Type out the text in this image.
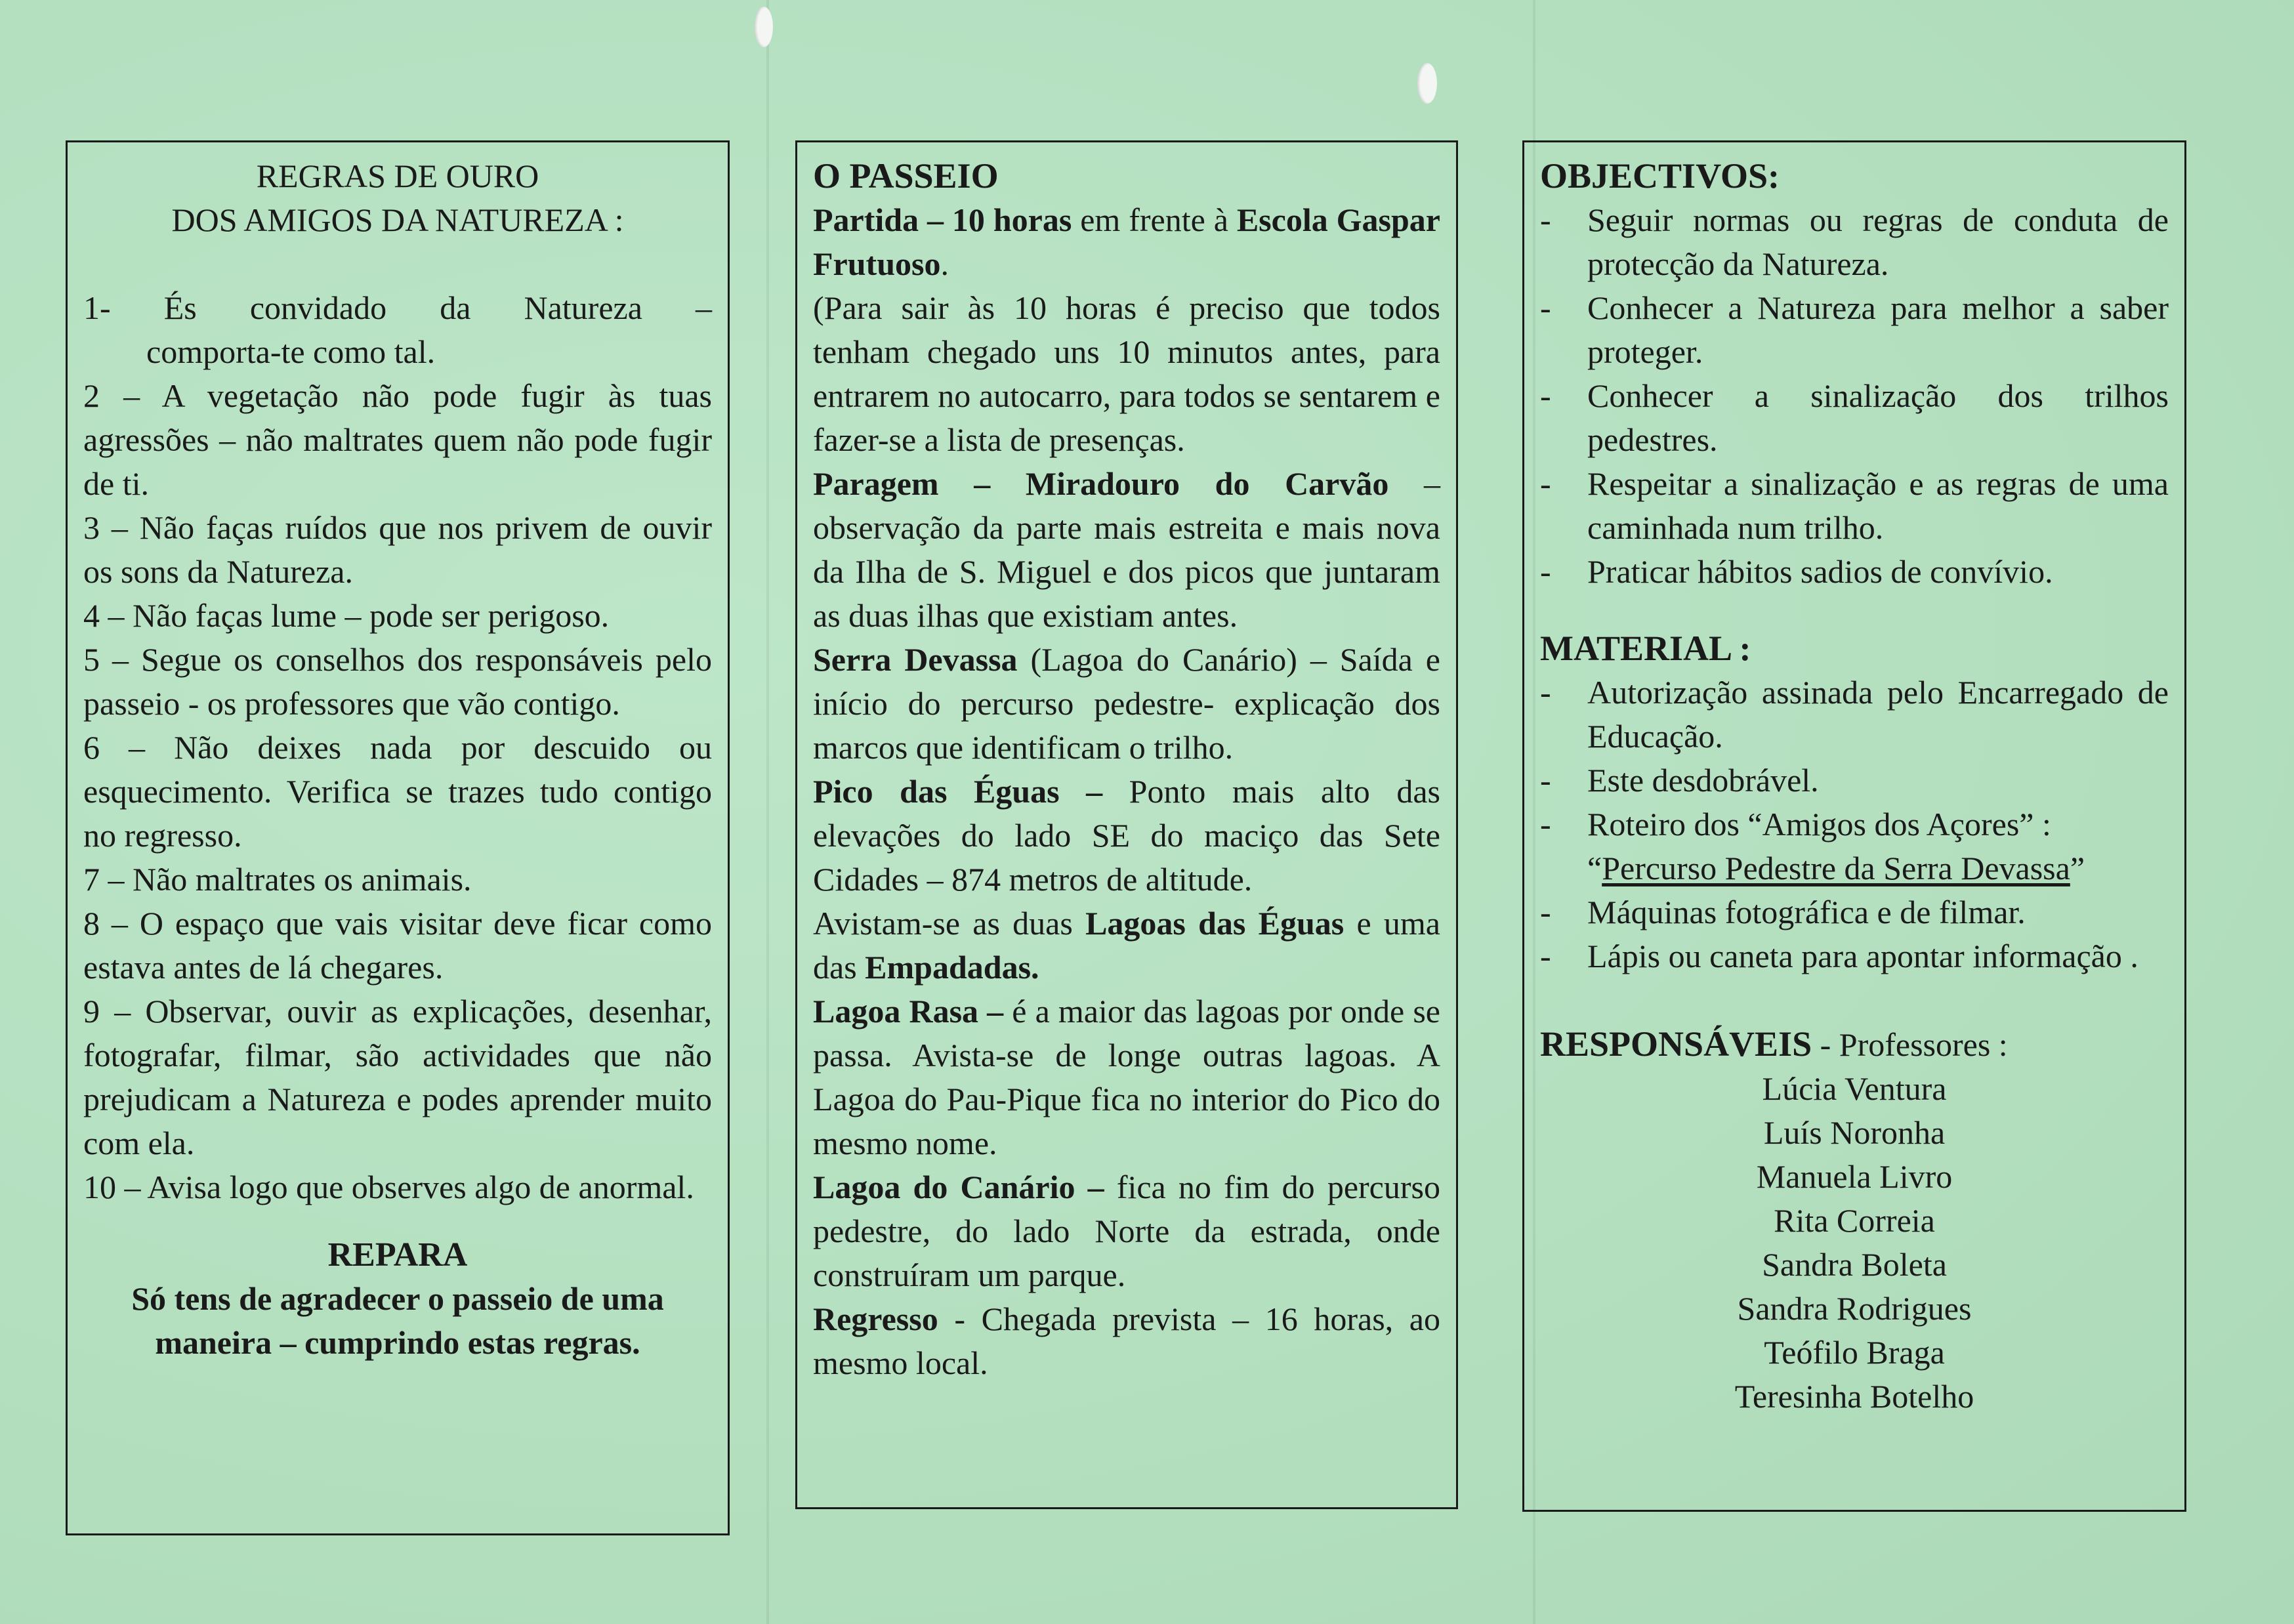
REGRAS DE OURO
DOS AMIGOS DA NATUREZA :
1- És convidado da Natureza –
comporta-te como tal.
2 – A vegetação não pode fugir às tuas agressões – não maltrates quem não pode fugir de ti.
3 – Não faças ruídos que nos privem de ouvir os sons da Natureza.
4 – Não faças lume – pode ser perigoso.
5 – Segue os conselhos dos responsáveis pelo passeio - os professores que vão contigo.
6 – Não deixes nada por descuido ou esquecimento. Verifica se trazes tudo contigo no regresso.
7 – Não maltrates os animais.
8 – O espaço que vais visitar deve ficar como estava antes de lá chegares.
9 – Observar, ouvir as explicações, desenhar, fotografar, filmar, são actividades que não prejudicam a Natureza e podes aprender muito com ela.
10 – Avisa logo que observes algo de anormal.
REPARA
Só tens de agradecer o passeio de uma maneira – cumprindo estas regras.
O PASSEIO

Partida – 10 horas em frente à Escola Gaspar Frutuoso.

(Para sair às 10 horas é preciso que todos tenham chegado uns 10 minutos antes, para entrarem no autocarro, para todos se sentarem e fazer-se a lista de presenças.

Paragem – Miradouro do Carvão – observação da parte mais estreita e mais nova da Ilha de S. Miguel e dos picos que juntaram as duas ilhas que existiam antes.

Serra Devassa (Lagoa do Canário) – Saída e início do percurso pedestre- explicação dos marcos que identificam o trilho.

Pico das Éguas – Ponto mais alto das elevações do lado SE do maciço das Sete Cidades – 874 metros de altitude.

Avistam-se as duas Lagoas das Éguas e uma das Empadadas.

Lagoa Rasa – é a maior das lagoas por onde se passa. Avista-se de longe outras lagoas. A Lagoa do Pau-Pique fica no interior do Pico do mesmo nome.

Lagoa do Canário – fica no fim do percurso pedestre, do lado Norte da estrada, onde construíram um parque.

Regresso - Chegada prevista – 16 horas, ao mesmo local.

OBJECTIVOS:
- Seguir normas ou regras de conduta de protecção da Natureza.
- Conhecer a Natureza para melhor a saber proteger.
- Conhecer a sinalização dos trilhos pedestres.
- Respeitar a sinalização e as regras de uma caminhada num trilho.
- Praticar hábitos sadios de convívio.
MATERIAL :
- Autorização assinada pelo Encarregado de Educação.
- Este desdobrável.
- Roteiro dos “Amigos dos Açores” :
“Percurso Pedestre da Serra Devassa”
- Máquinas fotográfica e de filmar.
- Lápis ou caneta para apontar informação .
RESPONSÁVEIS - Professores :
Lúcia Ventura
Luís Noronha
Manuela Livro
Rita Correia
Sandra Boleta
Sandra Rodrigues
Teófilo Braga
Teresinha Botelho
